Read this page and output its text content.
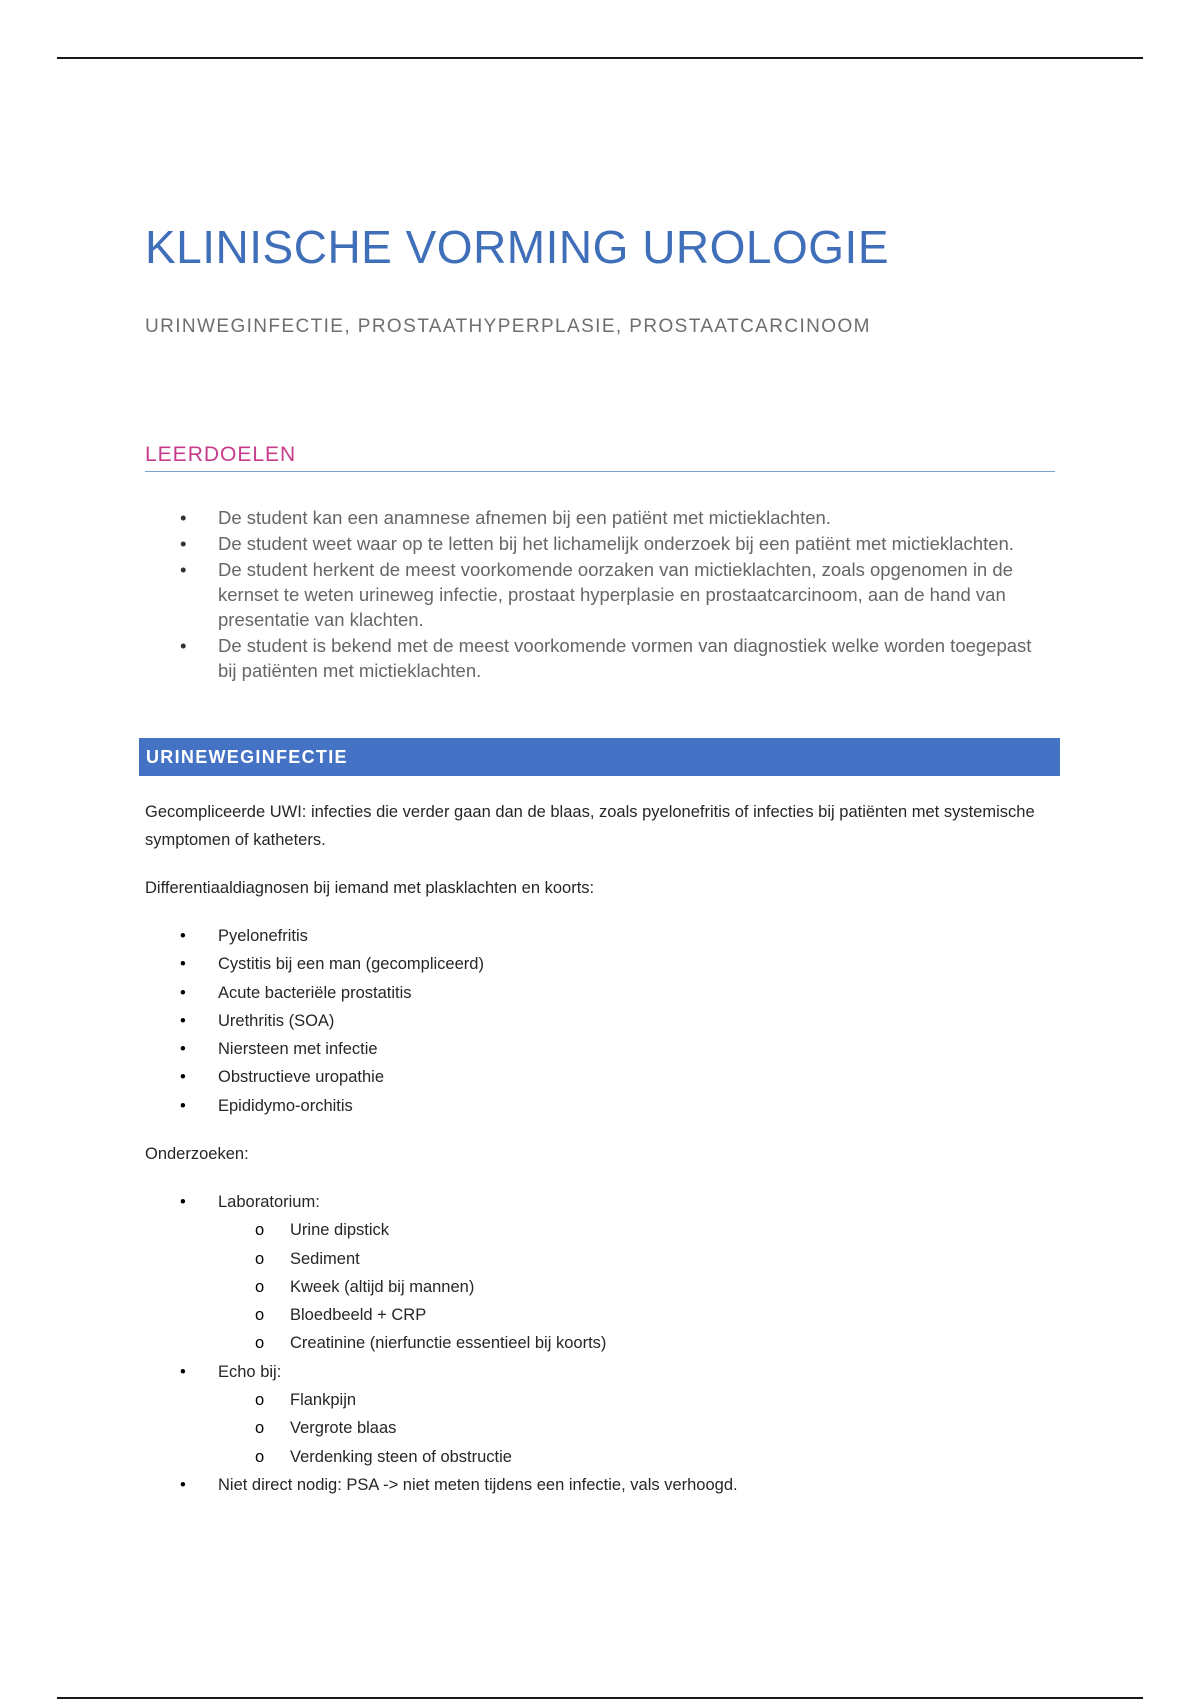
KLINISCHE VORMING UROLOGIE
URINWEGINFECTIE, PROSTAATHYPERPLASIE, PROSTAATCARCINOOM
LEERDOELEN
• De student kan een anamnese afnemen bij een patiënt met mictieklachten.
• De student weet waar op te letten bij het lichamelijk onderzoek bij een patiënt met mictieklachten.
• De student herkent de meest voorkomende oorzaken van mictieklachten, zoals opgenomen in de kernset te weten urineweg infectie, prostaat hyperplasie en prostaatcarcinoom, aan de hand van presentatie van klachten.
• De student is bekend met de meest voorkomende vormen van diagnostiek welke worden toegepast bij patiënten met mictieklachten.
URINEWEGINFECTIE
Gecompliceerde UWI: infecties die verder gaan dan de blaas, zoals pyelonefritis of infecties bij patiënten met systemische symptomen of katheters.
Differentiaaldiagnosen bij iemand met plasklachten en koorts:
• Pyelonefritis
• Cystitis bij een man (gecompliceerd)
• Acute bacteriële prostatitis
• Urethritis (SOA)
• Niersteen met infectie
• Obstructieve uropathie
• Epididymo-orchitis
Onderzoeken:
• Laboratorium:
o Urine dipstick
o Sediment
o Kweek (altijd bij mannen)
o Bloedbeeld + CRP
o Creatinine (nierfunctie essentieel bij koorts)
• Echo bij:
o Flankpijn
o Vergrote blaas
o Verdenking steen of obstructie
• Niet direct nodig: PSA -> niet meten tijdens een infectie, vals verhoogd.
